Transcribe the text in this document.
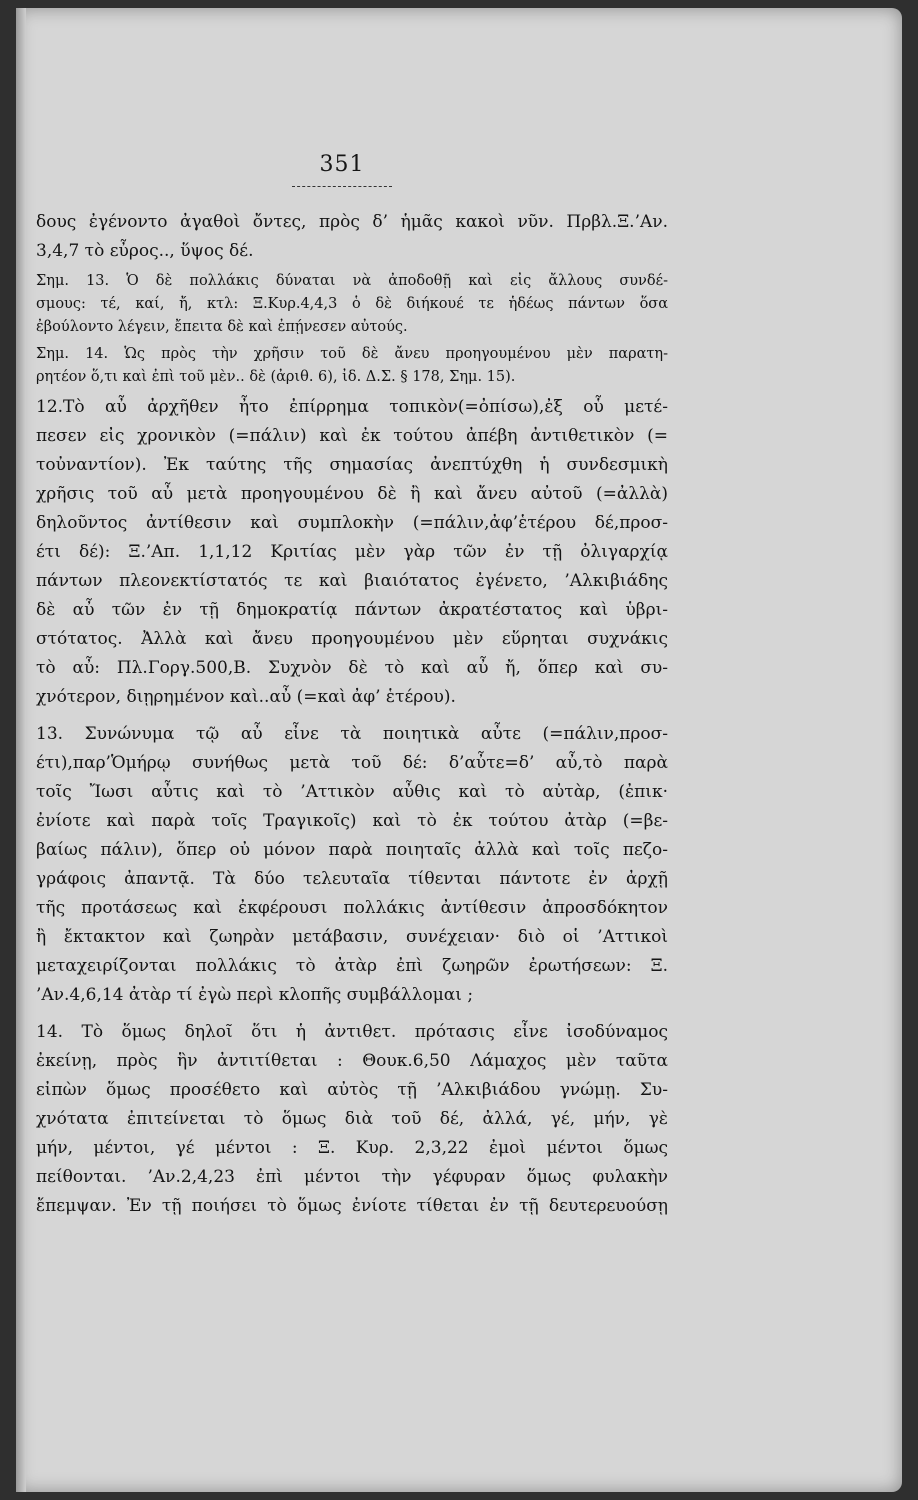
351
δους ἐγένοντο ἀγαθοὶ ὄντες, πρὸς δ’ ἡμᾶς κακοὶ νῦν. Πρβλ.Ξ.’Αν.
3,4,7 τὸ εὖρος.., ὕψος δέ.
Σημ. 13. Ὁ δὲ πολλάκις δύναται νὰ ἀποδοθῇ καὶ εἰς ἄλλους συνδέ-
σμους: τέ, καί, ἤ, κτλ: Ξ.Κυρ.4,4,3 ὁ δὲ διήκουέ τε ἡδέως πάντων ὅσα
ἐβούλοντο λέγειν, ἔπειτα δὲ καὶ ἐπῄνεσεν αὐτούς.
Σημ. 14. Ὡς πρὸς τὴν χρῆσιν τοῦ δὲ ἄνευ προηγουμένου μὲν παρατη-
ρητέον ὅ,τι καὶ ἐπὶ τοῦ μὲν.. δὲ (ἀριθ. 6), ἰδ. Δ.Σ. § 178, Σημ. 15).
12.Τὸ αὖ ἀρχῆθεν ἦτο ἐπίρρημα τοπικὸν(=ὀπίσω),ἐξ οὗ μετέ-
πεσεν εἰς χρονικὸν (=πάλιν) καὶ ἐκ τούτου ἀπέβη ἀντιθετικὸν (=
τοὐναντίον). Ἐκ ταύτης τῆς σημασίας ἀνεπτύχθη ἡ συνδεσμικὴ
χρῆσις τοῦ αὖ μετὰ προηγουμένου δὲ ἢ καὶ ἄνευ αὐτοῦ (=ἀλλὰ)
δηλοῦντος ἀντίθεσιν καὶ συμπλοκὴν (=πάλιν,ἀφ’ἑτέρου δέ,προσ-
έτι δέ): Ξ.’Απ. 1,1,12 Κριτίας μὲν γὰρ τῶν ἐν τῇ ὀλιγαρχίᾳ
πάντων πλεονεκτίστατός τε καὶ βιαιότατος ἐγένετο, ’Αλκιβιάδης
δὲ αὖ τῶν ἐν τῇ δημοκρατίᾳ πάντων ἀκρατέστατος καὶ ὑβρι-
στότατος. Ἀλλὰ καὶ ἄνευ προηγουμένου μὲν εὕρηται συχνάκις
τὸ αὖ: Πλ.Γοργ.500,Β. Συχνὸν δὲ τὸ καὶ αὖ ἤ, ὅπερ καὶ συ-
χνότερον, διῃρημένον καὶ..αὖ (=καὶ ἀφ’ ἑτέρου).
13. Συνώνυμα τῷ αὖ εἶνε τὰ ποιητικὰ αὖτε (=πάλιν,προσ-
έτι),παρ’Ὁμήρῳ συνήθως μετὰ τοῦ δέ: δ’αὖτε=δ’ αὖ,τὸ παρὰ
τοῖς Ἴωσι αὖτις καὶ τὸ ’Αττικὸν αὖθις καὶ τὸ αὐτὰρ, (ἐπικ·
ἐνίοτε καὶ παρὰ τοῖς Τραγικοῖς) καὶ τὸ ἐκ τούτου ἀτὰρ (=βε-
βαίως πάλιν), ὅπερ οὐ μόνον παρὰ ποιηταῖς ἀλλὰ καὶ τοῖς πεζο-
γράφοις ἀπαντᾷ. Τὰ δύο τελευταῖα τίθενται πάντοτε ἐν ἀρχῇ
τῆς προτάσεως καὶ ἐκφέρουσι πολλάκις ἀντίθεσιν ἀπροσδόκητον
ἢ ἔκτακτον καὶ ζωηρὰν μετάβασιν, συνέχειαν· διὸ οἱ ’Αττικοὶ
μεταχειρίζονται πολλάκις τὸ ἀτὰρ ἐπὶ ζωηρῶν ἐρωτήσεων: Ξ.
’Αν.4,6,14 ἀτὰρ τί ἐγὼ περὶ κλοπῆς συμβάλλομαι ;
14. Τὸ ὅμως δηλοῖ ὅτι ἡ ἀντιθετ. πρότασις εἶνε ἰσοδύναμος
ἐκείνῃ, πρὸς ἣν ἀντιτίθεται : Θουκ.6,50 Λάμαχος μὲν ταῦτα
εἰπὼν ὅμως προσέθετο καὶ αὐτὸς τῇ ’Αλκιβιάδου γνώμῃ. Συ-
χνότατα ἐπιτείνεται τὸ ὅμως διὰ τοῦ δέ, ἀλλά, γέ, μήν, γὲ
μήν, μέντοι, γέ μέντοι : Ξ. Κυρ. 2,3,22 ἐμοὶ μέντοι ὅμως
πείθονται. ’Αν.2,4,23 ἐπὶ μέντοι τὴν γέφυραν ὅμως φυλακὴν
ἔπεμψαν. Ἐν τῇ ποιήσει τὸ ὅμως ἐνίοτε τίθεται ἐν τῇ δευτερευούσῃ
